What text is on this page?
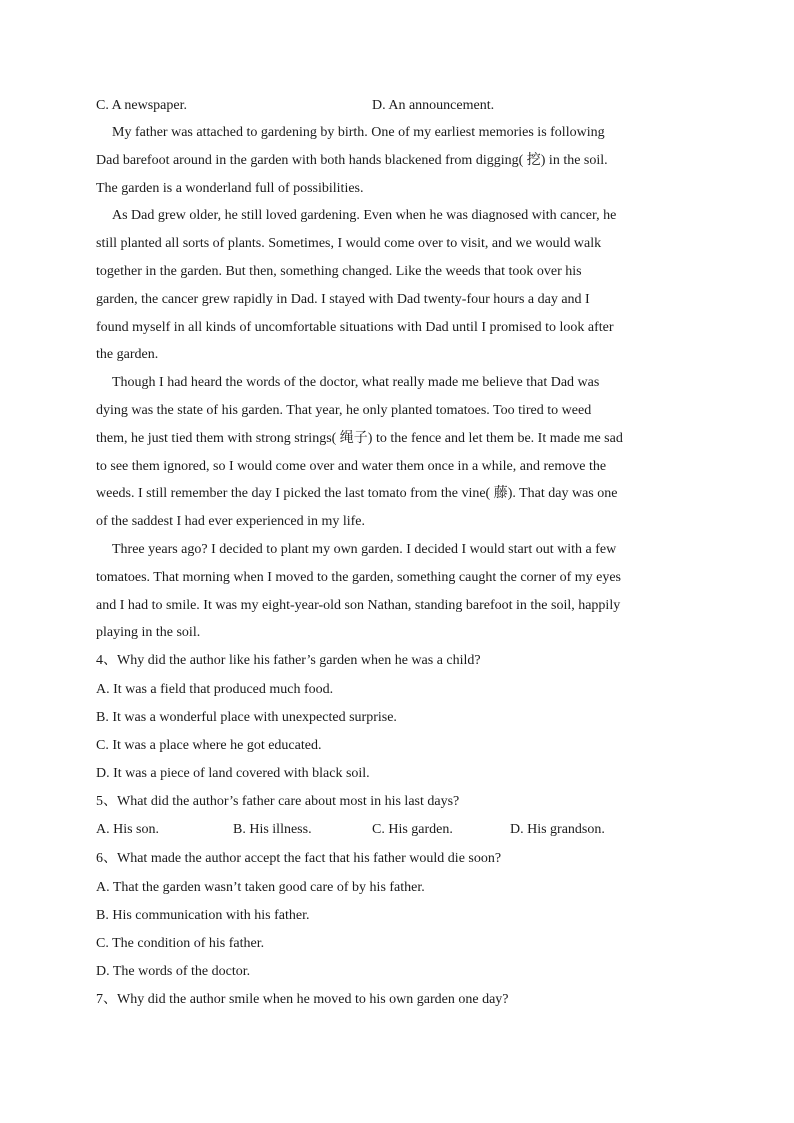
C. A newspaper.	D. An announcement.
My father was attached to gardening by birth. One of my earliest memories is following
Dad barefoot around in the garden with both hands blackened from digging( 挖) in the soil.
The garden is a wonderland full of possibilities.
As Dad grew older, he still loved gardening. Even when he was diagnosed with cancer, he
still planted all sorts of plants. Sometimes, I would come over to visit, and we would walk
together in the garden. But then, something changed. Like the weeds that took over his
garden, the cancer grew rapidly in Dad. I stayed with Dad twenty-four hours a day and I
found myself in all kinds of uncomfortable situations with Dad until I promised to look after
the garden.
Though I had heard the words of the doctor, what really made me believe that Dad was
dying was the state of his garden. That year, he only planted tomatoes. Too tired to weed
them, he just tied them with strong strings( 绳子) to the fence and let them be. It made me sad
to see them ignored, so I would come over and water them once in a while, and remove the
weeds. I still remember the day I picked the last tomato from the vine( 藤). That day was one
of the saddest I had ever experienced in my life.
Three years ago? I decided to plant my own garden. I decided I would start out with a few
tomatoes. That morning when I moved to the garden, something caught the corner of my eyes
and I had to smile. It was my eight-year-old son Nathan, standing barefoot in the soil, happily
playing in the soil.
4、Why did the author like his father’s garden when he was a child?
A. It was a field that produced much food.
B. It was a wonderful place with unexpected surprise.
C. It was a place where he got educated.
D. It was a piece of land covered with black soil.
5、What did the author’s father care about most in his last days?
A. His son.	B. His illness.	C. His garden.	D. His grandson.
6、What made the author accept the fact that his father would die soon?
A. That the garden wasn’t taken good care of by his father.
B. His communication with his father.
C. The condition of his father.
D. The words of the doctor.
7、Why did the author smile when he moved to his own garden one day?
